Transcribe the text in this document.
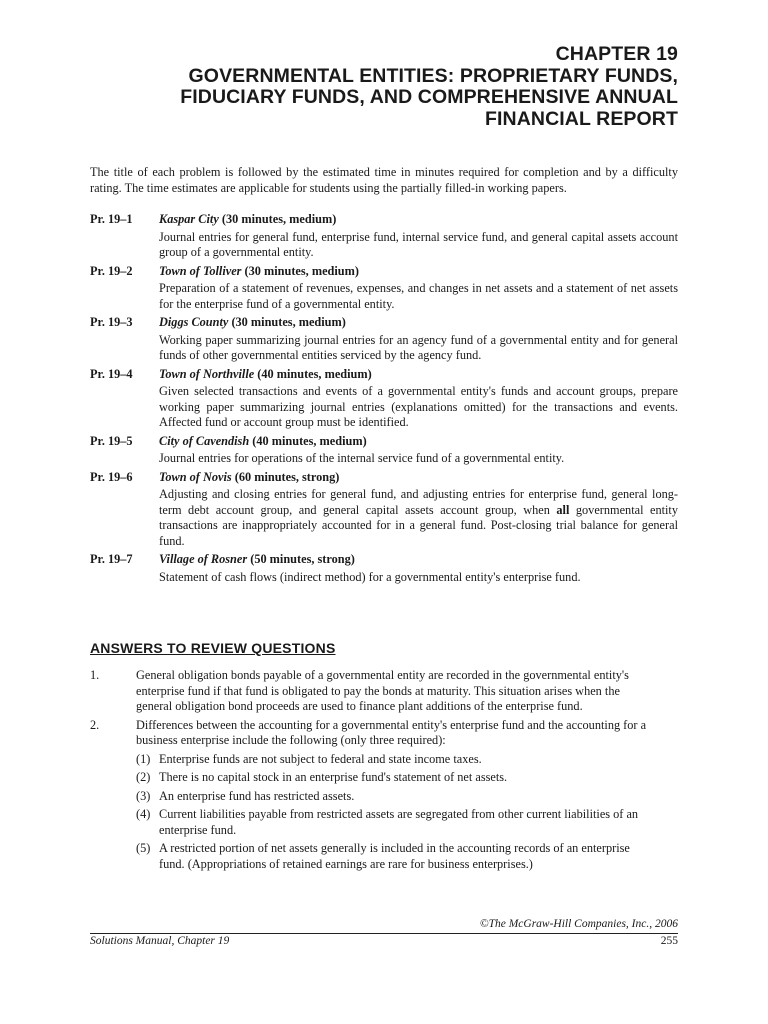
CHAPTER 19
GOVERNMENTAL ENTITIES: PROPRIETARY FUNDS,
FIDUCIARY FUNDS, AND COMPREHENSIVE ANNUAL
FINANCIAL REPORT
The title of each problem is followed by the estimated time in minutes required for completion and by a difficulty rating. The time estimates are applicable for students using the partially filled-in working papers.
Pr. 19–1 Kaspar City (30 minutes, medium)
Journal entries for general fund, enterprise fund, internal service fund, and general capital assets account group of a governmental entity.
Pr. 19–2 Town of Tolliver (30 minutes, medium)
Preparation of a statement of revenues, expenses, and changes in net assets and a statement of net assets for the enterprise fund of a governmental entity.
Pr. 19–3 Diggs County (30 minutes, medium)
Working paper summarizing journal entries for an agency fund of a governmental entity and for general funds of other governmental entities serviced by the agency fund.
Pr. 19–4 Town of Northville (40 minutes, medium)
Given selected transactions and events of a governmental entity's funds and account groups, prepare working paper summarizing journal entries (explanations omitted) for the transactions and events. Affected fund or account group must be identified.
Pr. 19–5 City of Cavendish (40 minutes, medium)
Journal entries for operations of the internal service fund of a governmental entity.
Pr. 19–6 Town of Novis (60 minutes, strong)
Adjusting and closing entries for general fund, and adjusting entries for enterprise fund, general long-term debt account group, and general capital assets account group, when all governmental entity transactions are inappropriately accounted for in a general fund. Post-closing trial balance for general fund.
Pr. 19–7 Village of Rosner (50 minutes, strong)
Statement of cash flows (indirect method) for a governmental entity's enterprise fund.
ANSWERS TO REVIEW QUESTIONS
1.	General obligation bonds payable of a governmental entity are recorded in the governmental entity's enterprise fund if that fund is obligated to pay the bonds at maturity. This situation arises when the general obligation bond proceeds are used to finance plant additions of the enterprise fund.
2.	Differences between the accounting for a governmental entity's enterprise fund and the accounting for a business enterprise include the following (only three required):
(1) Enterprise funds are not subject to federal and state income taxes.
(2) There is no capital stock in an enterprise fund's statement of net assets.
(3) An enterprise fund has restricted assets.
(4) Current liabilities payable from restricted assets are segregated from other current liabilities of an enterprise fund.
(5) A restricted portion of net assets generally is included in the accounting records of an enterprise fund. (Appropriations of retained earnings are rare for business enterprises.)
©The McGraw-Hill Companies, Inc., 2006
Solutions Manual, Chapter 19	255
